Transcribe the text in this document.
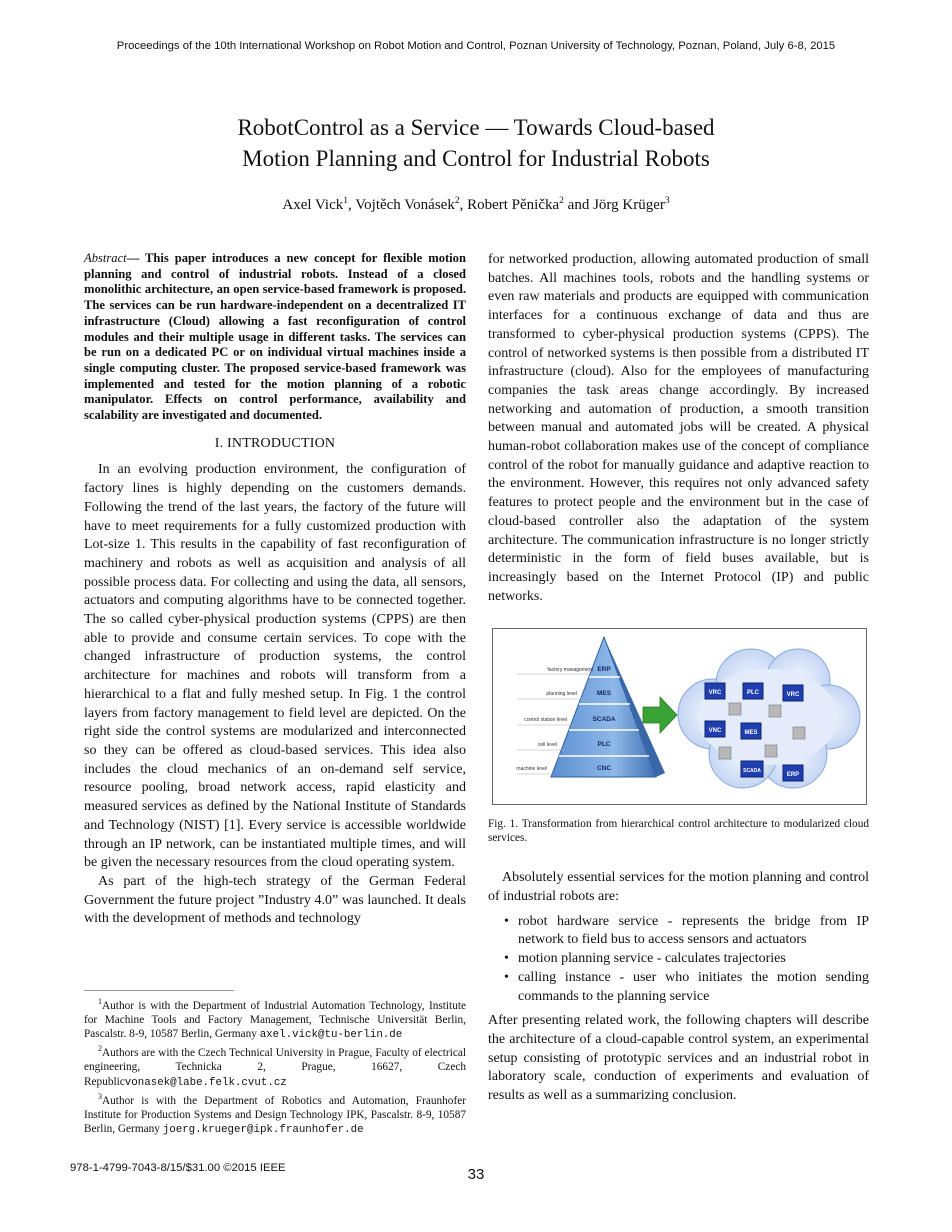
Proceedings of the 10th International Workshop on Robot Motion and Control, Poznan University of Technology, Poznan, Poland, July 6-8, 2015
RobotControl as a Service — Towards Cloud-based
Motion Planning and Control for Industrial Robots
Axel Vick$^1$, Vojtěch Vonásek$^2$, Robert Pěnička$^2$ and Jörg Krüger$^3$

Abstract— This paper introduces a new concept for flexible motion planning and control of industrial robots. Instead of a closed monolithic architecture, an open service-based framework is proposed. The services can be run hardware-independent on a decentralized IT infrastructure (Cloud) allowing a fast reconfiguration of control modules and their multiple usage in different tasks. The services can be run on a dedicated PC or on individual virtual machines inside a single computing cluster. The proposed service-based framework was implemented and tested for the motion planning of a robotic manipulator. Effects on control performance, availability and scalability are investigated and documented.

I. INTRODUCTION

In an evolving production environment, the configuration of factory lines is highly depending on the customers demands. Following the trend of the last years, the factory of the future will have to meet requirements for a fully customized production with Lot-size 1. This results in the capability of fast reconfiguration of machinery and robots as well as acquisition and analysis of all possible process data. For collecting and using the data, all sensors, actuators and computing algorithms have to be connected together. The so called cyber-physical production systems (CPPS) are then able to provide and consume certain services. To cope with the changed infrastructure of production systems, the control architecture for machines and robots will transform from a hierarchical to a flat and fully meshed setup. In Fig. 1 the control layers from factory management to field level are depicted. On the right side the control systems are modularized and interconnected so they can be offered as cloud-based services. This idea also includes the cloud mechanics of an on-demand self service, resource pooling, broad network access, rapid elasticity and measured services as defined by the National Institute of Standards and Technology (NIST) [1]. Every service is accessible worldwide through an IP network, can be instantiated multiple times, and will be given the necessary resources from the cloud operating system.

As part of the high-tech strategy of the German Federal Government the future project ”Industry 4.0” was launched. It deals with the development of methods and technology

$^1$Author is with the Department of Industrial Automation Technology, Institute for Machine Tools and Factory Management, Technische Universität Berlin, Pascalstr. 8-9, 10587 Berlin, Germany axel.vick@tu-berlin.de

$^2$Authors are with the Czech Technical University in Prague, Faculty of electrical engineering, Technicka 2, Prague, 16627, Czech Republicvonasek@labe.felk.cvut.cz

$^3$Author is with the Department of Robotics and Automation, Fraunhofer Institute for Production Systems and Design Technology IPK, Pascalstr. 8-9, 10587 Berlin, Germany joerg.krueger@ipk.fraunhofer.de

for networked production, allowing automated production of small batches. All machines tools, robots and the handling systems or even raw materials and products are equipped with communication interfaces for a continuous exchange of data and thus are transformed to cyber-physical production systems (CPPS). The control of networked systems is then possible from a distributed IT infrastructure (cloud). Also for the employees of manufacturing companies the task areas change accordingly. By increased networking and automation of production, a smooth transition between manual and automated jobs will be created. A physical human-robot collaboration makes use of the concept of compliance control of the robot for manually guidance and adaptive reaction to the environment. However, this requires not only advanced safety features to protect people and the environment but in the case of cloud-based controller also the adaptation of the system architecture. The communication infrastructure is no longer strictly deterministic in the form of field buses available, but is increasingly based on the Internet Protocol (IP) and public networks.

ERP
MES
SCADA
PLC
CNC
factory management
planning level
control station level
cell level
machine level
VRC	PLC	VRC
VNC	MES
SCADA
ERP
Fig. 1. Transformation from hierarchical control architecture to modularized cloud services.

Absolutely essential services for the motion planning and control of industrial robots are:

• robot hardware service - represents the bridge from IP network to field bus to access sensors and actuators
• motion planning service - calculates trajectories
• calling instance - user who initiates the motion sending commands to the planning service

After presenting related work, the following chapters will describe the architecture of a cloud-capable control system, an experimental setup consisting of prototypic services and an industrial robot in laboratory scale, conduction of experiments and evaluation of results as well as a summarizing conclusion.

978-1-4799-7043-8/15/$31.00 ©2015 IEEE	33
